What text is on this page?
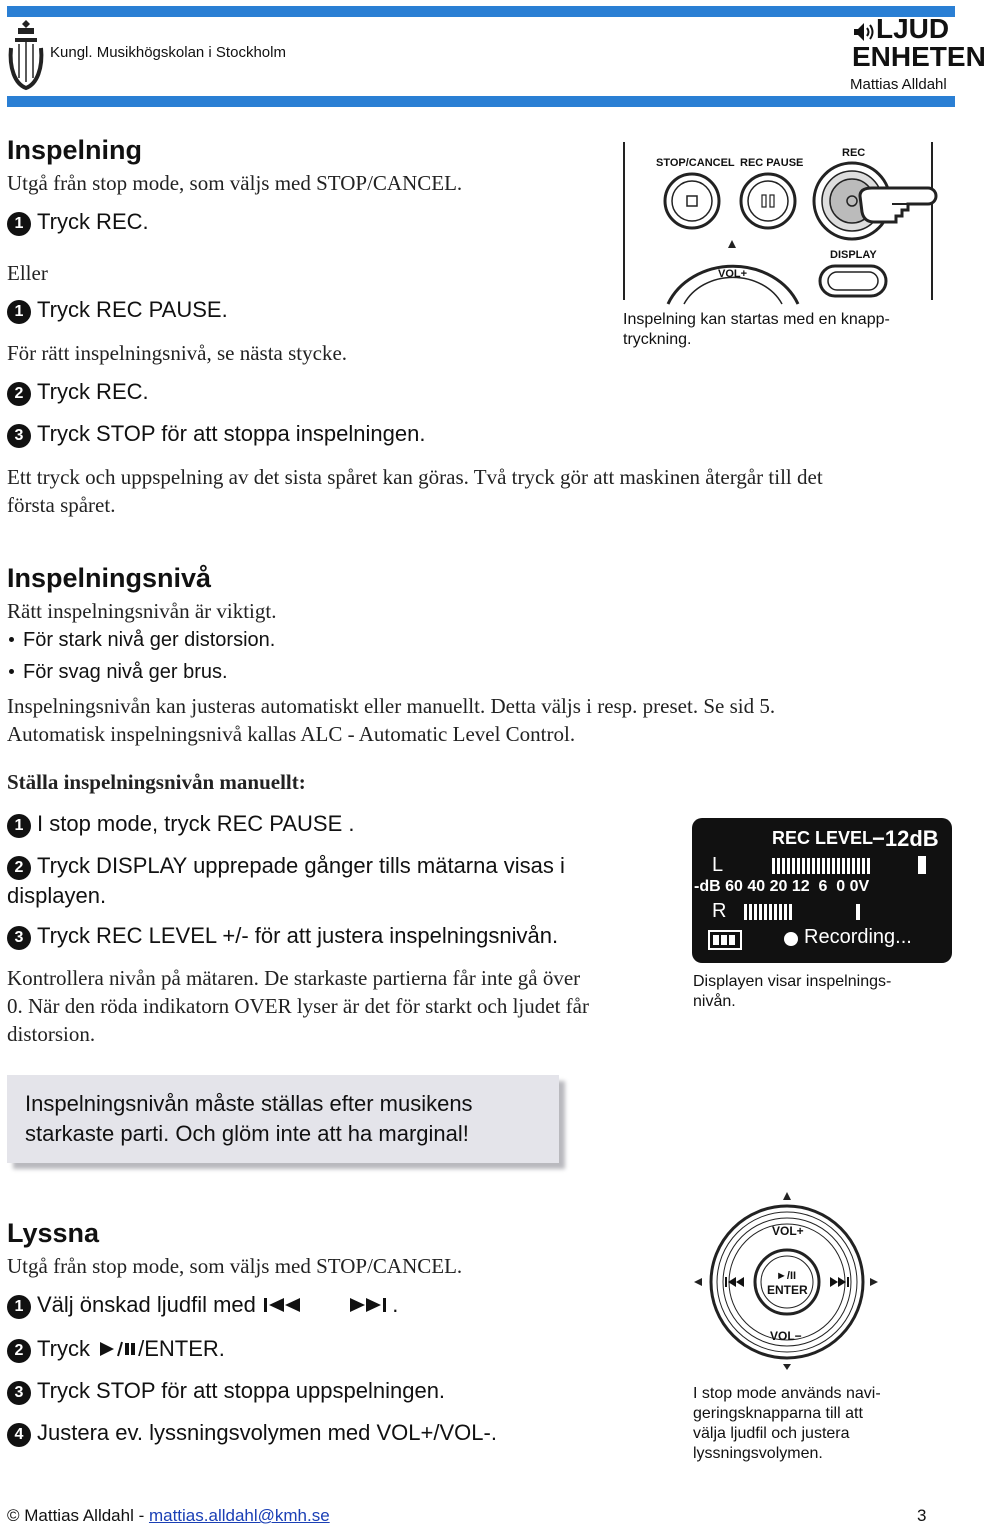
Kungl. Musikhögskolan i Stockholm
LJUD
ENHETEN
Mattias Alldahl
Inspelning
Utgå från stop mode, som väljs med STOP/CANCEL.
1 Tryck REC.
Eller
1 Tryck REC PAUSE.
För rätt inspelningsnivå, se nästa stycke.
2 Tryck REC.
3 Tryck STOP för att stoppa inspelningen.
Ett tryck och uppspelning av det sista spåret kan göras. Två tryck gör att maskinen återgår till det
första spåret.
STOP/CANCEL REC PAUSE
REC
DISPLAY
VOL+
Inspelning kan startas med en knapp-
tryckning.
Inspelningsnivå
Rätt inspelningsnivån är viktigt.
För stark nivå ger distorsion.
För svag nivå ger brus.
Inspelningsnivån kan justeras automatiskt eller manuellt. Detta väljs i resp. preset. Se sid 5.
Automatisk inspelningsnivå kallas ALC - Automatic Level Control.
Ställa inspelningsnivån manuellt:
1 I stop mode, tryck REC PAUSE .
2 Tryck DISPLAY upprepade gånger tills mätarna visas i
displayen.
3 Tryck REC LEVEL +/- för att justera inspelningsnivån.
Kontrollera nivån på mätaren. De starkaste partierna får inte gå över
0. När den röda indikatorn OVER lyser är det för starkt och ljudet får
distorsion.
REC LEVEL
−12dB
L
-dB 60 40 20 12  6  0 0V
R
Recording...
Displayen visar inspelnings-
nivån.
Inspelningsnivån måste ställas efter musikens
starkaste parti. Och glöm inte att ha marginal!
Lyssna
Utgå från stop mode, som väljs med STOP/CANCEL.
1 Välj önskad ljudfil med	.
2 Tryck /ENTER.
3 Tryck STOP för att stoppa uppspelningen.
4 Justera ev. lyssningsvolymen med VOL+/VOL-.
VOL+
VOL−
►/II
ENTER
I stop mode används navi-
geringsknapparna till att
välja ljudfil och justera
lyssningsvolymen.
© Mattias Alldahl - mattias.alldahl@kmh.se	3
